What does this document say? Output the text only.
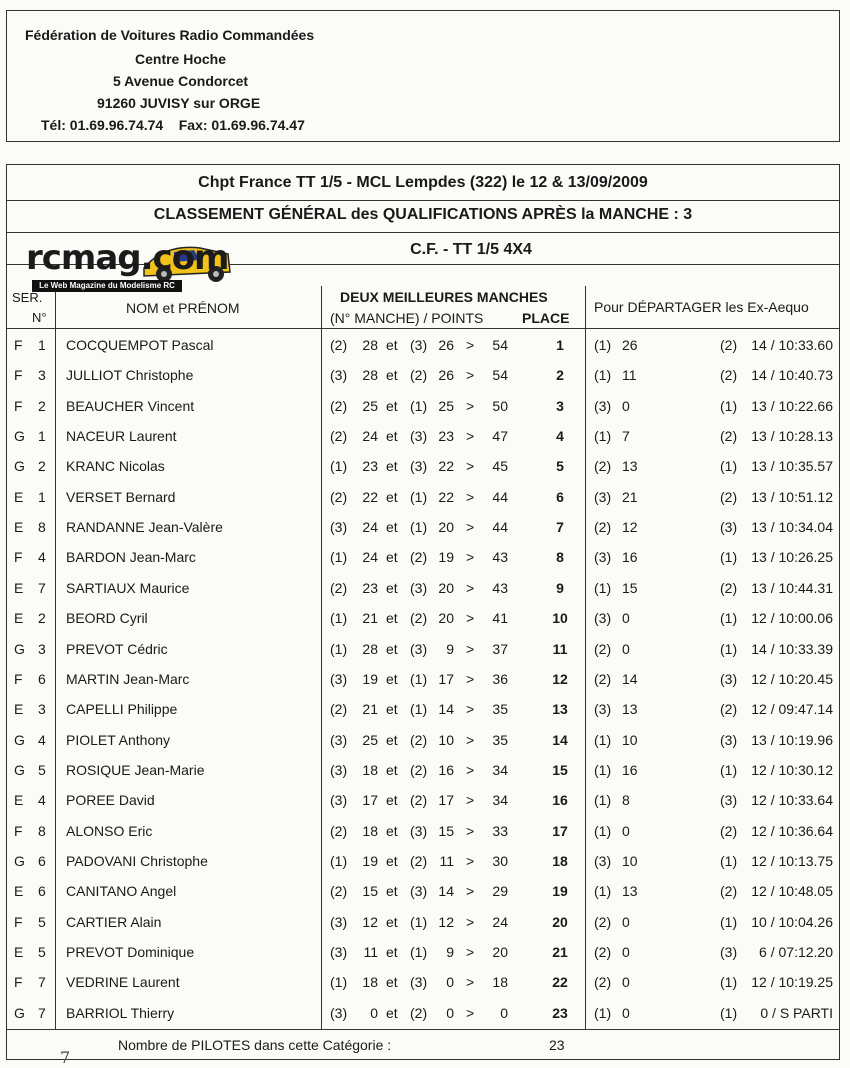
Fédération de Voitures Radio Commandées
Centre Hoche
5 Avenue Condorcet
91260 JUVISY sur ORGE
Tél: 01.69.96.74.74    Fax: 01.69.96.74.47
Chpt France TT 1/5 - MCL Lempdes (322) le 12 & 13/09/2009
CLASSEMENT GÉNÉRAL des QUALIFICATIONS APRÈS la MANCHE : 3
C.F. - TT 1/5 4X4
rcmag.com
Le Web Magazine du Modelisme RC
SER.
N°
NOM et PRÉNOM
DEUX MEILLEURES MANCHES
(N° MANCHE) / POINTS	PLACE
Pour DÉPARTAGER les Ex-Aequo
F 1 COCQUEMPOT Pascal	(2)	28 et (3) 26 >	54	1	(1) 26	(2)	14 / 10:33.60
F 3 JULLIOT Christophe	(3)	28 et (2) 26 >	54	2	(1) 11	(2)	14 / 10:40.73
F 2 BEAUCHER Vincent	(2)	25 et (1) 25 >	50	3	(3) 0	(1)	13 / 10:22.66
G 1 NACEUR Laurent	(2)	24 et (3) 23 >	47	4	(1) 7	(2)	13 / 10:28.13
G 2 KRANC Nicolas	(1)	23 et (3) 22 >	45	5	(2) 13	(1)	13 / 10:35.57
E 1 VERSET Bernard	(2)	22 et (1) 22 >	44	6	(3) 21	(2)	13 / 10:51.12
E 8 RANDANNE Jean-Valère	(3)	24 et (1) 20 >	44	7	(2) 12	(3)	13 / 10:34.04
F 4 BARDON Jean-Marc	(1)	24 et (2) 19 >	43	8	(3) 16	(1)	13 / 10:26.25
E 7 SARTIAUX Maurice	(2)	23 et (3) 20 >	43	9	(1) 15	(2)	13 / 10:44.31
E 2 BEORD Cyril	(1)	21 et (2) 20 >	41	10	(3) 0	(1)	12 / 10:00.06
G 3 PREVOT Cédric	(1)	28 et (3)	9 >	37	11	(2) 0	(1)	14 / 10:33.39
F 6 MARTIN Jean-Marc	(3)	19 et (1) 17 >	36	12	(2) 14	(3)	12 / 10:20.45
E 3 CAPELLI Philippe	(2)	21 et (1) 14 >	35	13	(3) 13	(2)	12 / 09:47.14
G 4 PIOLET Anthony	(3)	25 et (2) 10 >	35	14	(1) 10	(3)	13 / 10:19.96
G 5 ROSIQUE Jean-Marie	(3)	18 et (2) 16 >	34	15	(1) 16	(1)	12 / 10:30.12
E 4 POREE David	(3)	17 et (2) 17 >	34	16	(1) 8	(3)	12 / 10:33.64
F 8 ALONSO Eric	(2)	18 et (3) 15 >	33	17	(1) 0	(2)	12 / 10:36.64
G 6 PADOVANI Christophe	(1)	19 et (2) 11 >	30	18	(3) 10	(1)	12 / 10:13.75
E 6 CANITANO Angel	(2)	15 et (3) 14 >	29	19	(1) 13	(2)	12 / 10:48.05
F 5 CARTIER Alain	(3)	12 et (1) 12 >	24	20	(2) 0	(1)	10 / 10:04.26
E 5 PREVOT Dominique	(3)	11 et (1)	9 >	20	21	(2) 0	(3)	6 / 07:12.20
F 7 VEDRINE Laurent	(1)	18 et (3)	0 >	18	22	(2) 0	(1)	12 / 10:19.25
G 7 BARRIOL Thierry	(3)	0 et (2)	0 >	0	23	(1) 0	(1)	0 / S PARTI
Nombre de PILOTES dans cette Catégorie :	23
7
